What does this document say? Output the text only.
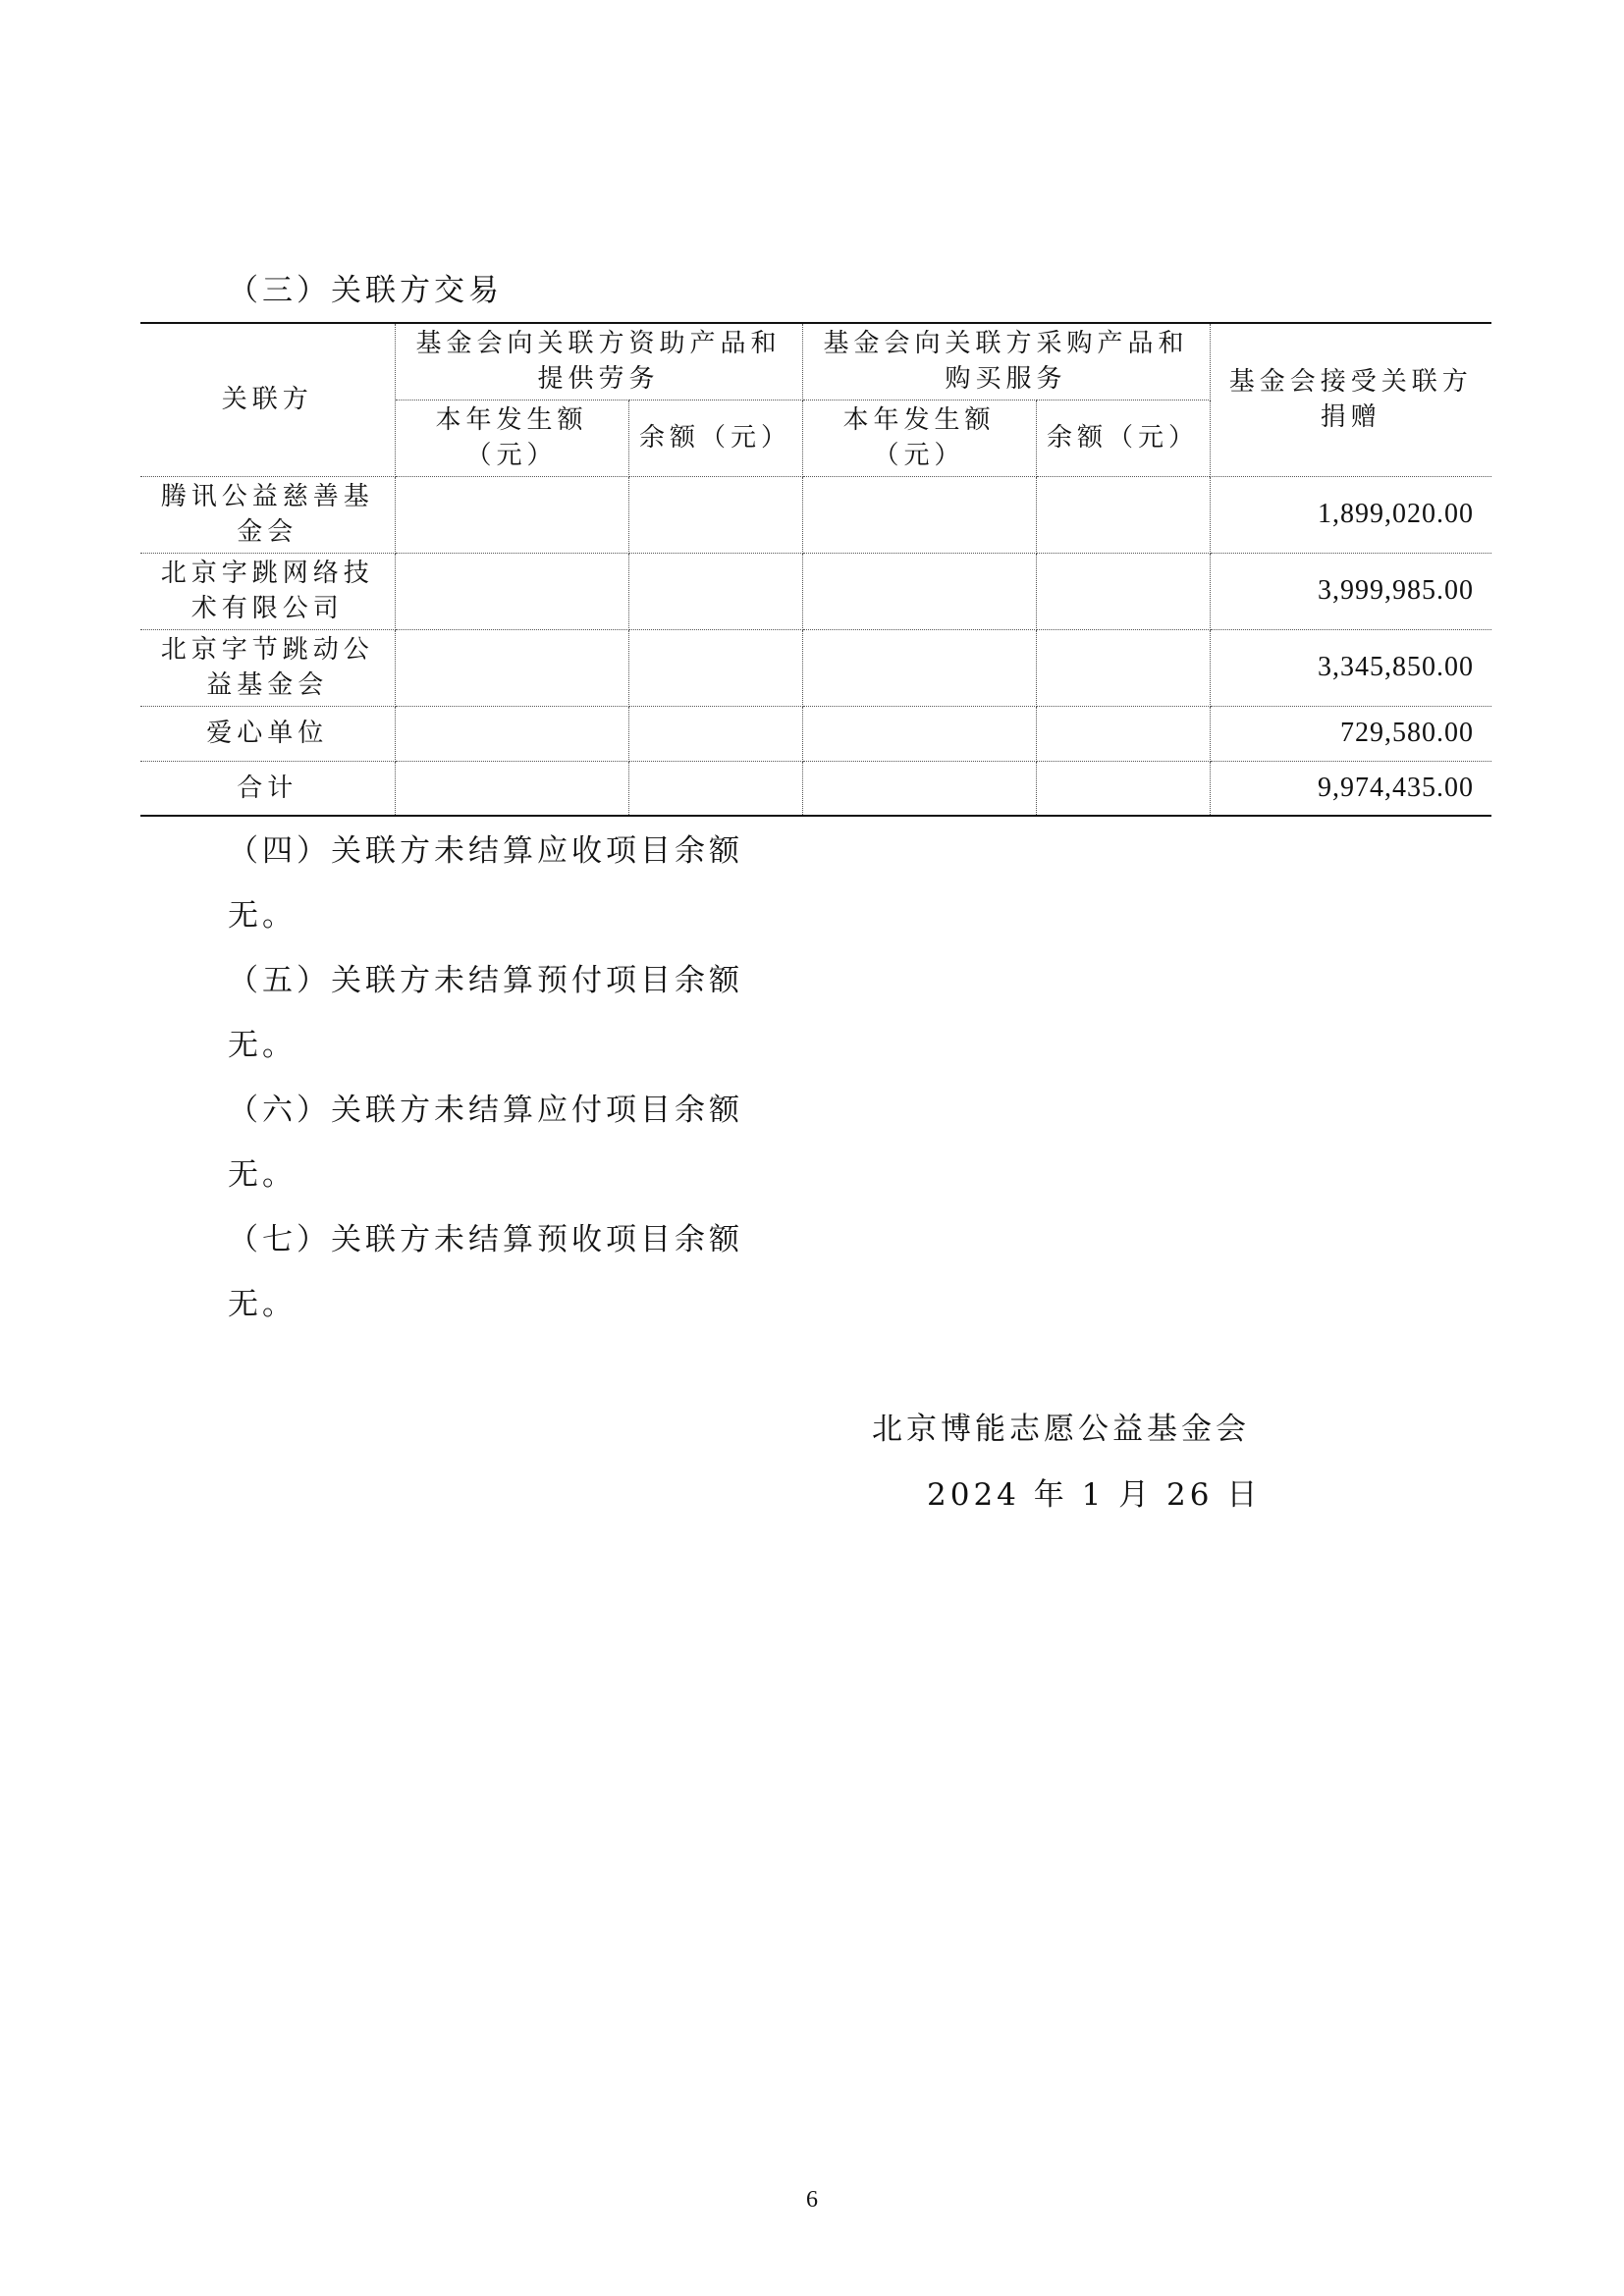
（三）关联方交易
关联方	基金会向关联方资助产品和提供劳务		基金会向关联方采购产品和购买服务		基金会接受关联方捐赠
	本年发生额（元）	余额（元）	本年发生额（元）	余额（元）	
腾讯公益慈善基金会					1,899,020.00
北京字跳网络技术有限公司					3,999,985.00
北京字节跳动公益基金会					3,345,850.00
爱心单位					729,580.00
合计					9,974,435.00
（四）关联方未结算应收项目余额
无。
（五）关联方未结算预付项目余额
无。
（六）关联方未结算应付项目余额
无。
（七）关联方未结算预收项目余额
无。
北京博能志愿公益基金会
2024 年 1 月 26 日
6
